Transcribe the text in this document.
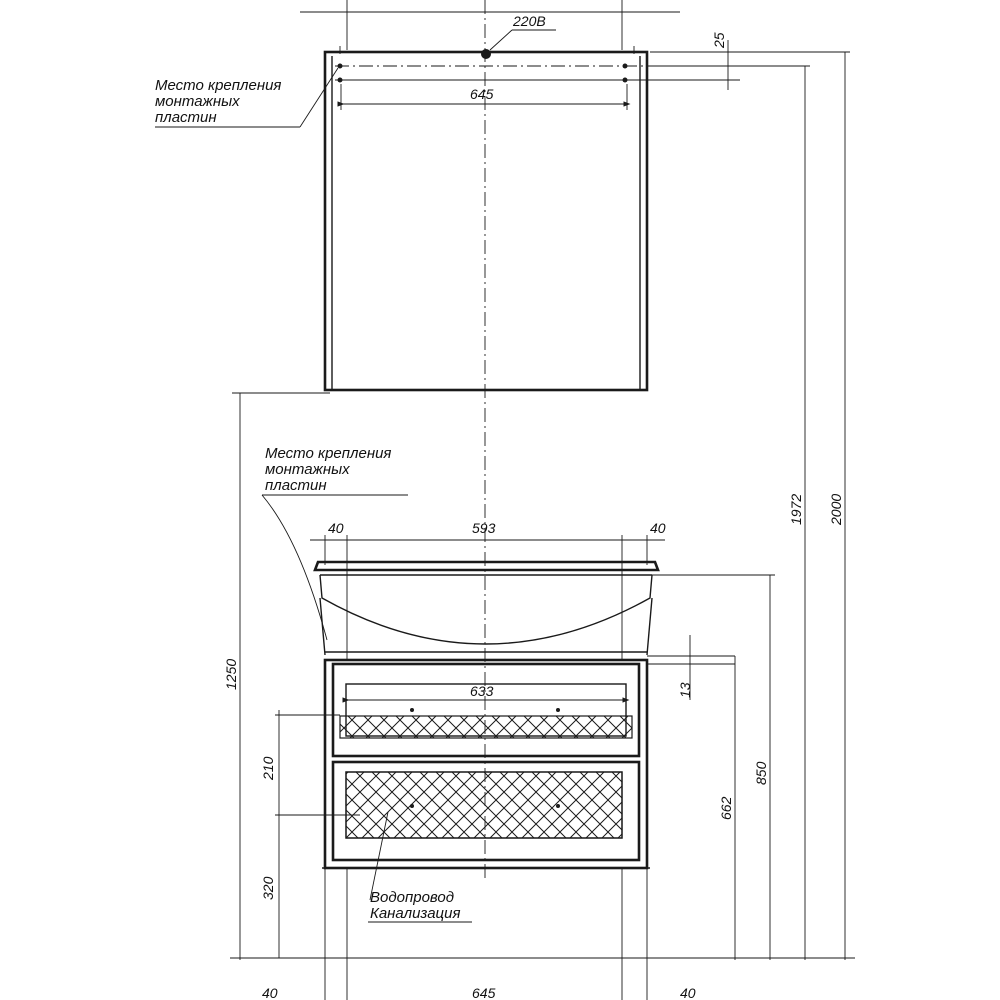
220В
645
25
Место крепления
монтажных
пластин
Место крепления
монтажных
пластин
40	593	40
633	13
1250
210
320	Водопровод
Канализация
850
662
1972 2000
40	645	40
